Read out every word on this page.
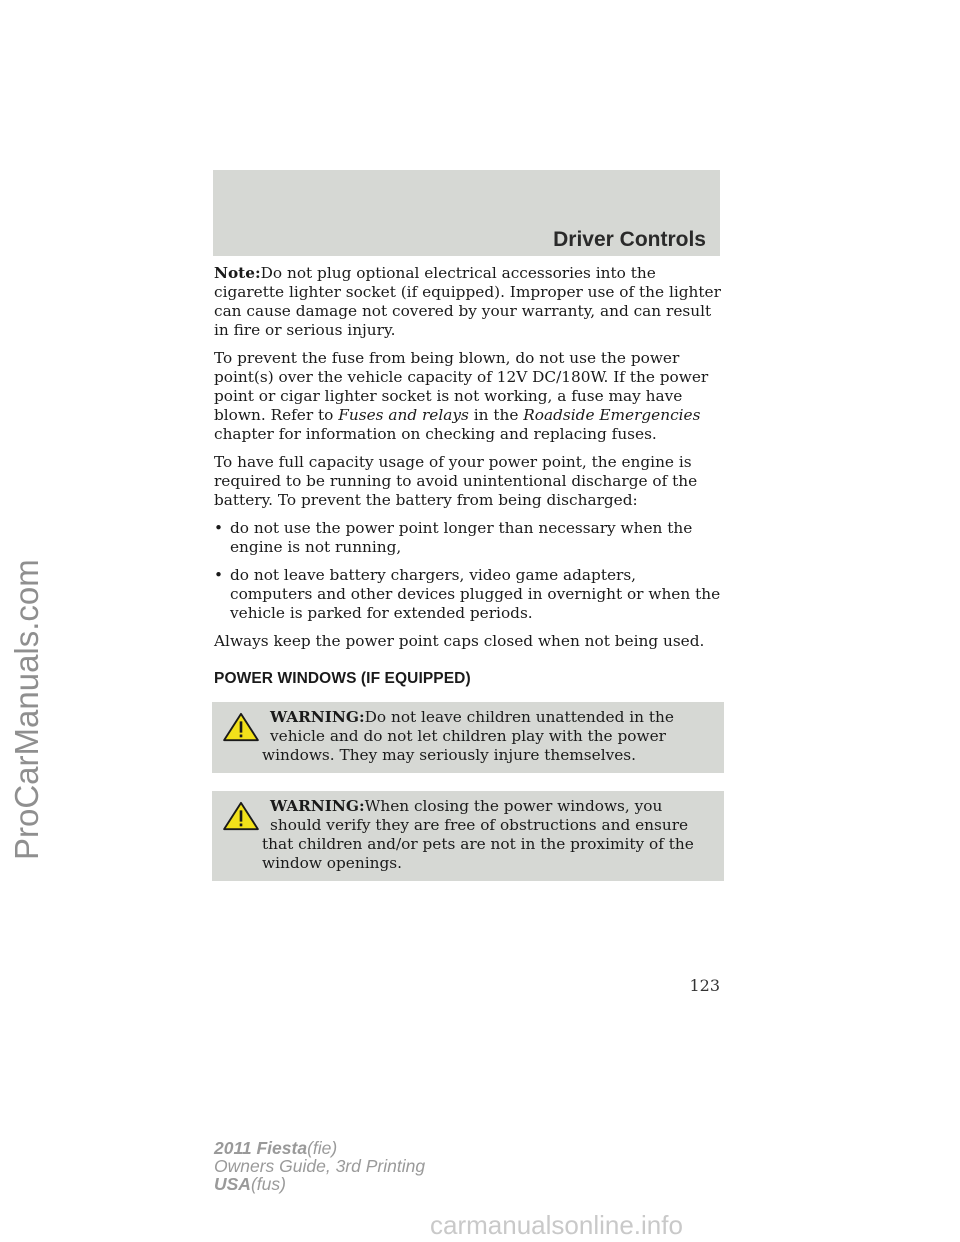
Driver Controls

Note:Do not plug optional electrical accessories into the cigarette lighter socket (if equipped). Improper use of the lighter can cause damage not covered by your warranty, and can result in fire or serious injury.

To prevent the fuse from being blown, do not use the power point(s) over the vehicle capacity of 12V DC/180W. If the power point or cigar lighter socket is not working, a fuse may have blown. Refer to Fuses and relays in the Roadside Emergencies chapter for information on checking and replacing fuses.

To have full capacity usage of your power point, the engine is required to be running to avoid unintentional discharge of the battery. To prevent the battery from being discharged:

• do not use the power point longer than necessary when the engine is not running,
• do not leave battery chargers, video game adapters, computers and other devices plugged in overnight or when the vehicle is parked for extended periods.

Always keep the power point caps closed when not being used.

POWER WINDOWS (IF EQUIPPED)

WARNING:Do not leave children unattended in the vehicle and do not let children play with the power windows. They may seriously injure themselves.

WARNING:When closing the power windows, you should verify they are free of obstructions and ensure that children and/or pets are not in the proximity of the window openings.

123
2011 Fiesta(fie)
Owners Guide, 3rd Printing
USA(fus)
ProCarManuals.com
carmanualsonline.info
